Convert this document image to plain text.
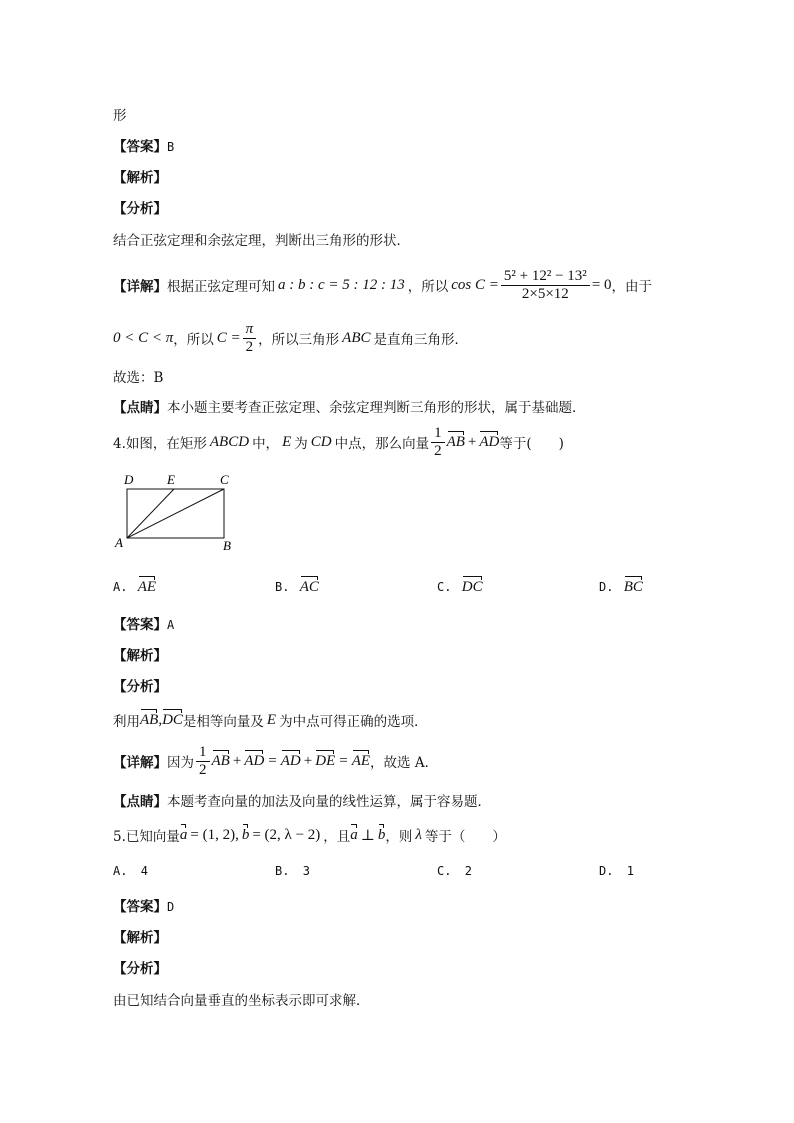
形
【答案】B
【解析】
【分析】
结合正弦定理和余弦定理，判断出三角形的形状．
【详解】 根据正弦定理可知 a : b : c = 5 : 12 : 13 ，所以 $\cos C = \frac{\text{5² + 12² − 13²}}{2\times 5\times 12} = 0$ ，由于
0 < C < π ，所以 $C = \frac{\pi}{2}$ ，所以三角形 ABC 是直角三角形．
故选：B
【点睛】本小题主要考查正弦定理、余弦定理判断三角形的形状，属于基础题．
4.如图，在矩形 ABCD 中， E 为 CD 中点，那么向量 $\frac{1}{2}$ AB + AD 等于(　　)
D	E	C
A	B
A. AE	B. AC	C. DC	D. BC
【答案】A
【解析】
【分析】
利用 AB , DC 是相等向量及 E 为中点可得正确的选项．
【详解】 因为 $\frac{1}{2}$ AB + AD = AD + DE = AE ，故选 A．
【点睛】本题考查向量的加法及向量的线性运算，属于容易题．
5.已知向量 a = (1, 2), b = (2, λ − 2) ，且 a ⊥ b ，则 λ 等于（　　）
A. 4	B. 3	C. 2	D. 1
【答案】D
【解析】
【分析】
由已知结合向量垂直的坐标表示即可求解．
